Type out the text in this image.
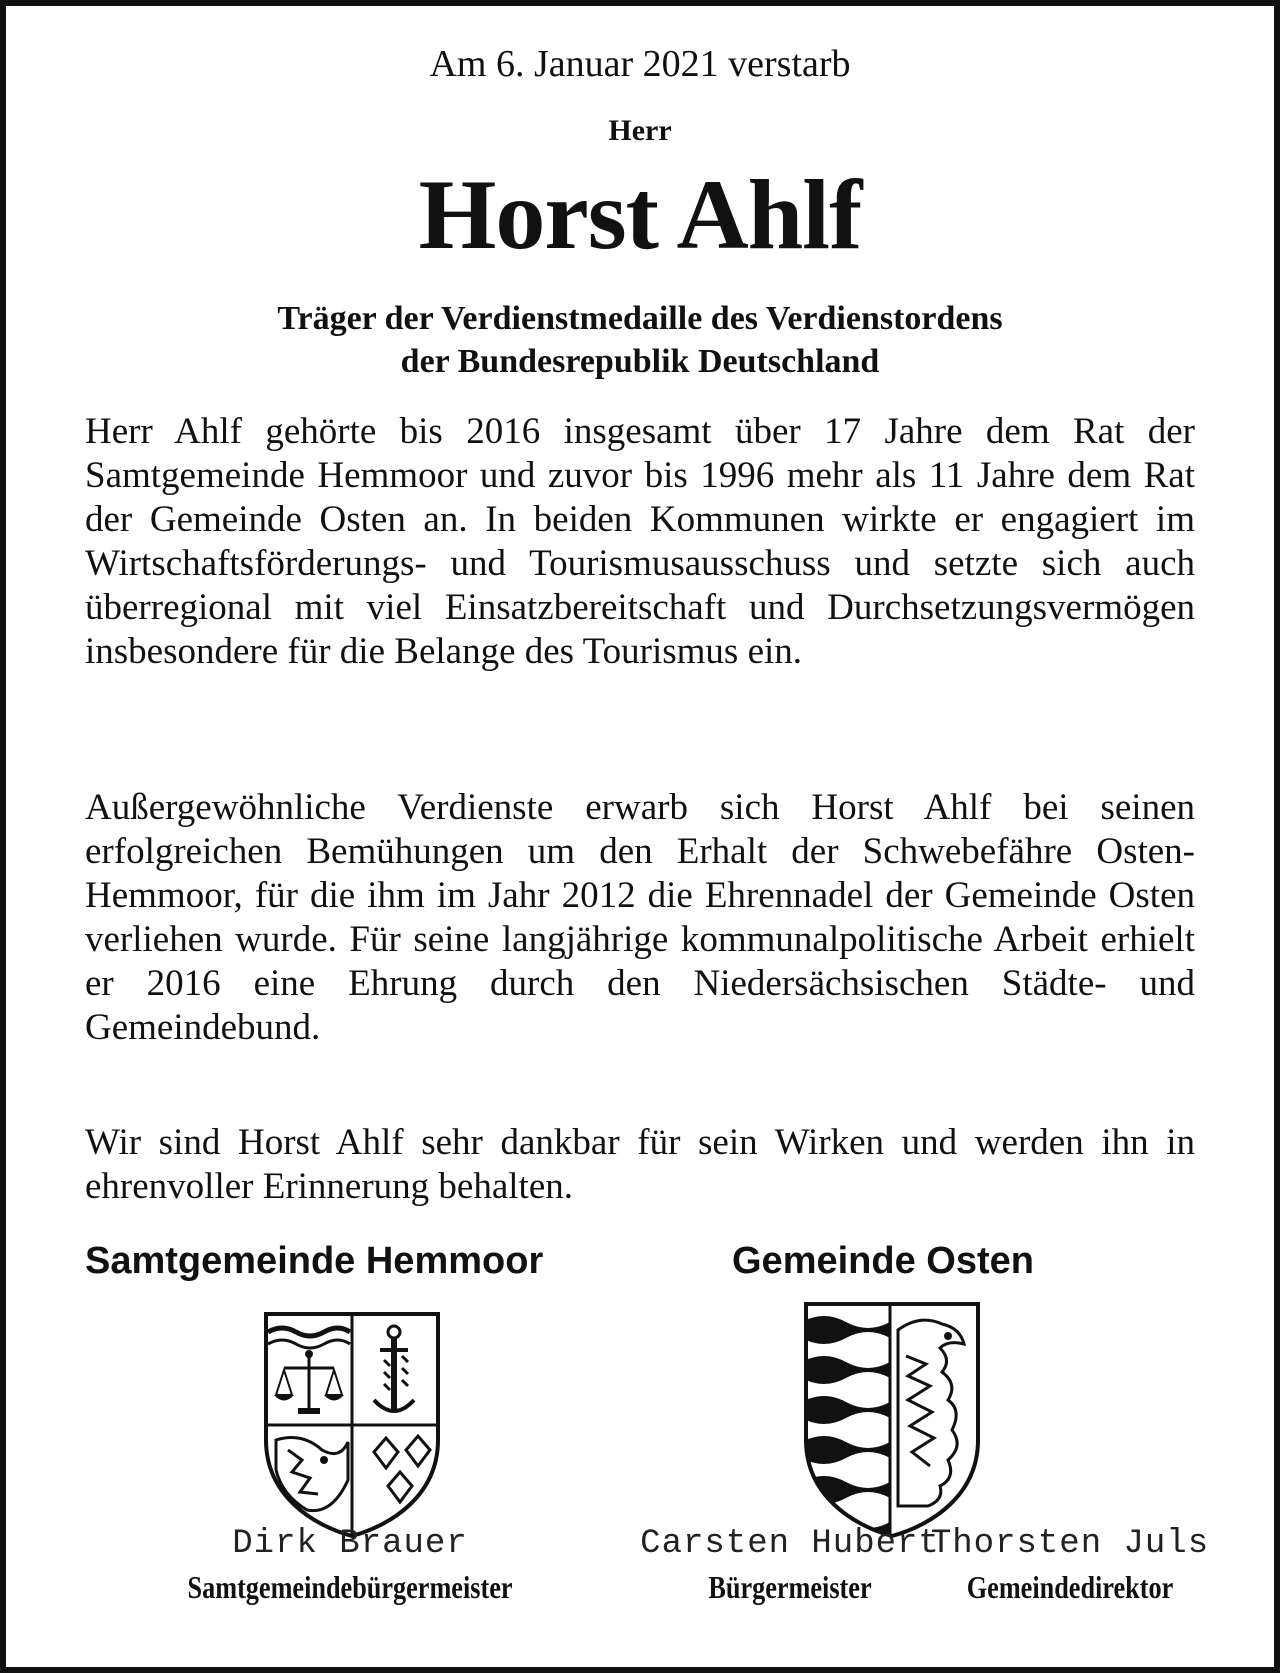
Am 6. Januar 2021 verstarb
Herr
Horst Ahlf
Träger der Verdienstmedaille des Verdienstordens
der Bundesrepublik Deutschland
Herr Ahlf gehörte bis 2016 insgesamt über 17 Jahre dem Rat der Samtgemeinde Hemmoor und zuvor bis 1996 mehr als 11 Jahre dem Rat der Gemeinde Osten an. In beiden Kommunen wirkte er engagiert im Wirtschaftsförderungs- und Tourismusausschuss und setzte sich auch überregional mit viel Einsatzbereitschaft und Durchsetzungsvermögen insbesondere für die Belange des Tourismus ein.
Außergewöhnliche Verdienste erwarb sich Horst Ahlf bei seinen erfolgreichen Bemühungen um den Erhalt der Schwebefähre Osten-Hemmoor, für die ihm im Jahr 2012 die Ehrennadel der Gemeinde Osten verliehen wurde. Für seine langjährige kommunalpolitische Arbeit erhielt er 2016 eine Ehrung durch den Niedersächsischen Städte- und Gemeindebund.
Wir sind Horst Ahlf sehr dankbar für sein Wirken und werden ihn in ehrenvoller Erinnerung behalten.
Samtgemeinde Hemmoor	Gemeinde Osten
Dirk Brauer
Samtgemeindebürgermeister
Carsten Hubert
Bürgermeister
Thorsten Juls
Gemeindedirektor
